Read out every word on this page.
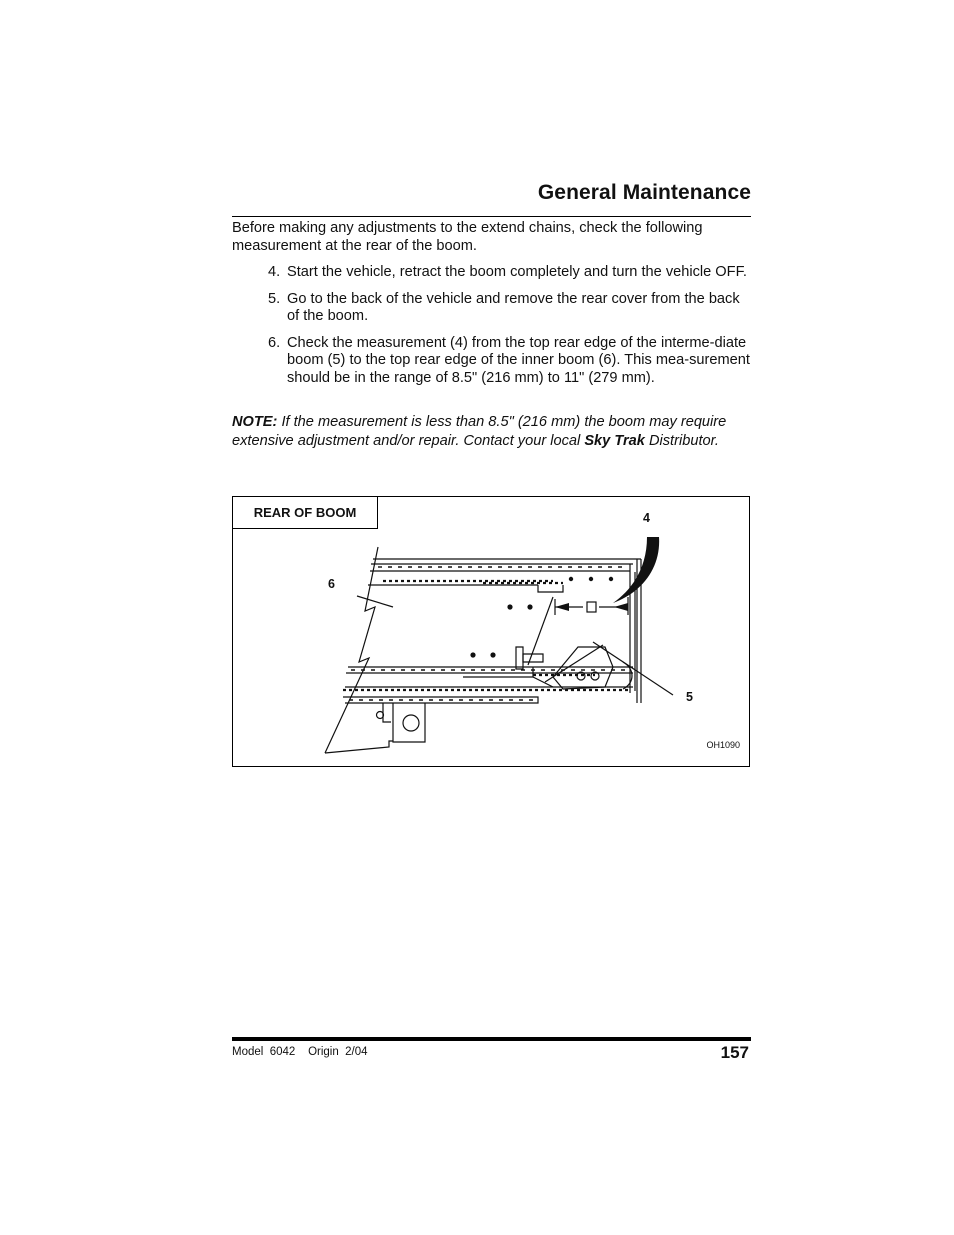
General Maintenance

Before making any adjustments to the extend chains, check the following measurement at the rear of the boom.

4. Start the vehicle, retract the boom completely and turn the vehicle OFF.
5. Go to the back of the vehicle and remove the rear cover from the back of the boom.
6. Check the measurement (4) from the top rear edge of the interme-diate boom (5) to the top rear edge of the inner boom (6). This mea-surement should be in the range of 8.5" (216 mm) to 11" (279 mm).

NOTE: If the measurement is less than 8.5" (216 mm) the boom may require extensive adjustment and/or repair. Contact your local Sky Trak Distributor.

REAR OF BOOM	4
6
5
OH1090
Model  6042    Origin  2/04	157
